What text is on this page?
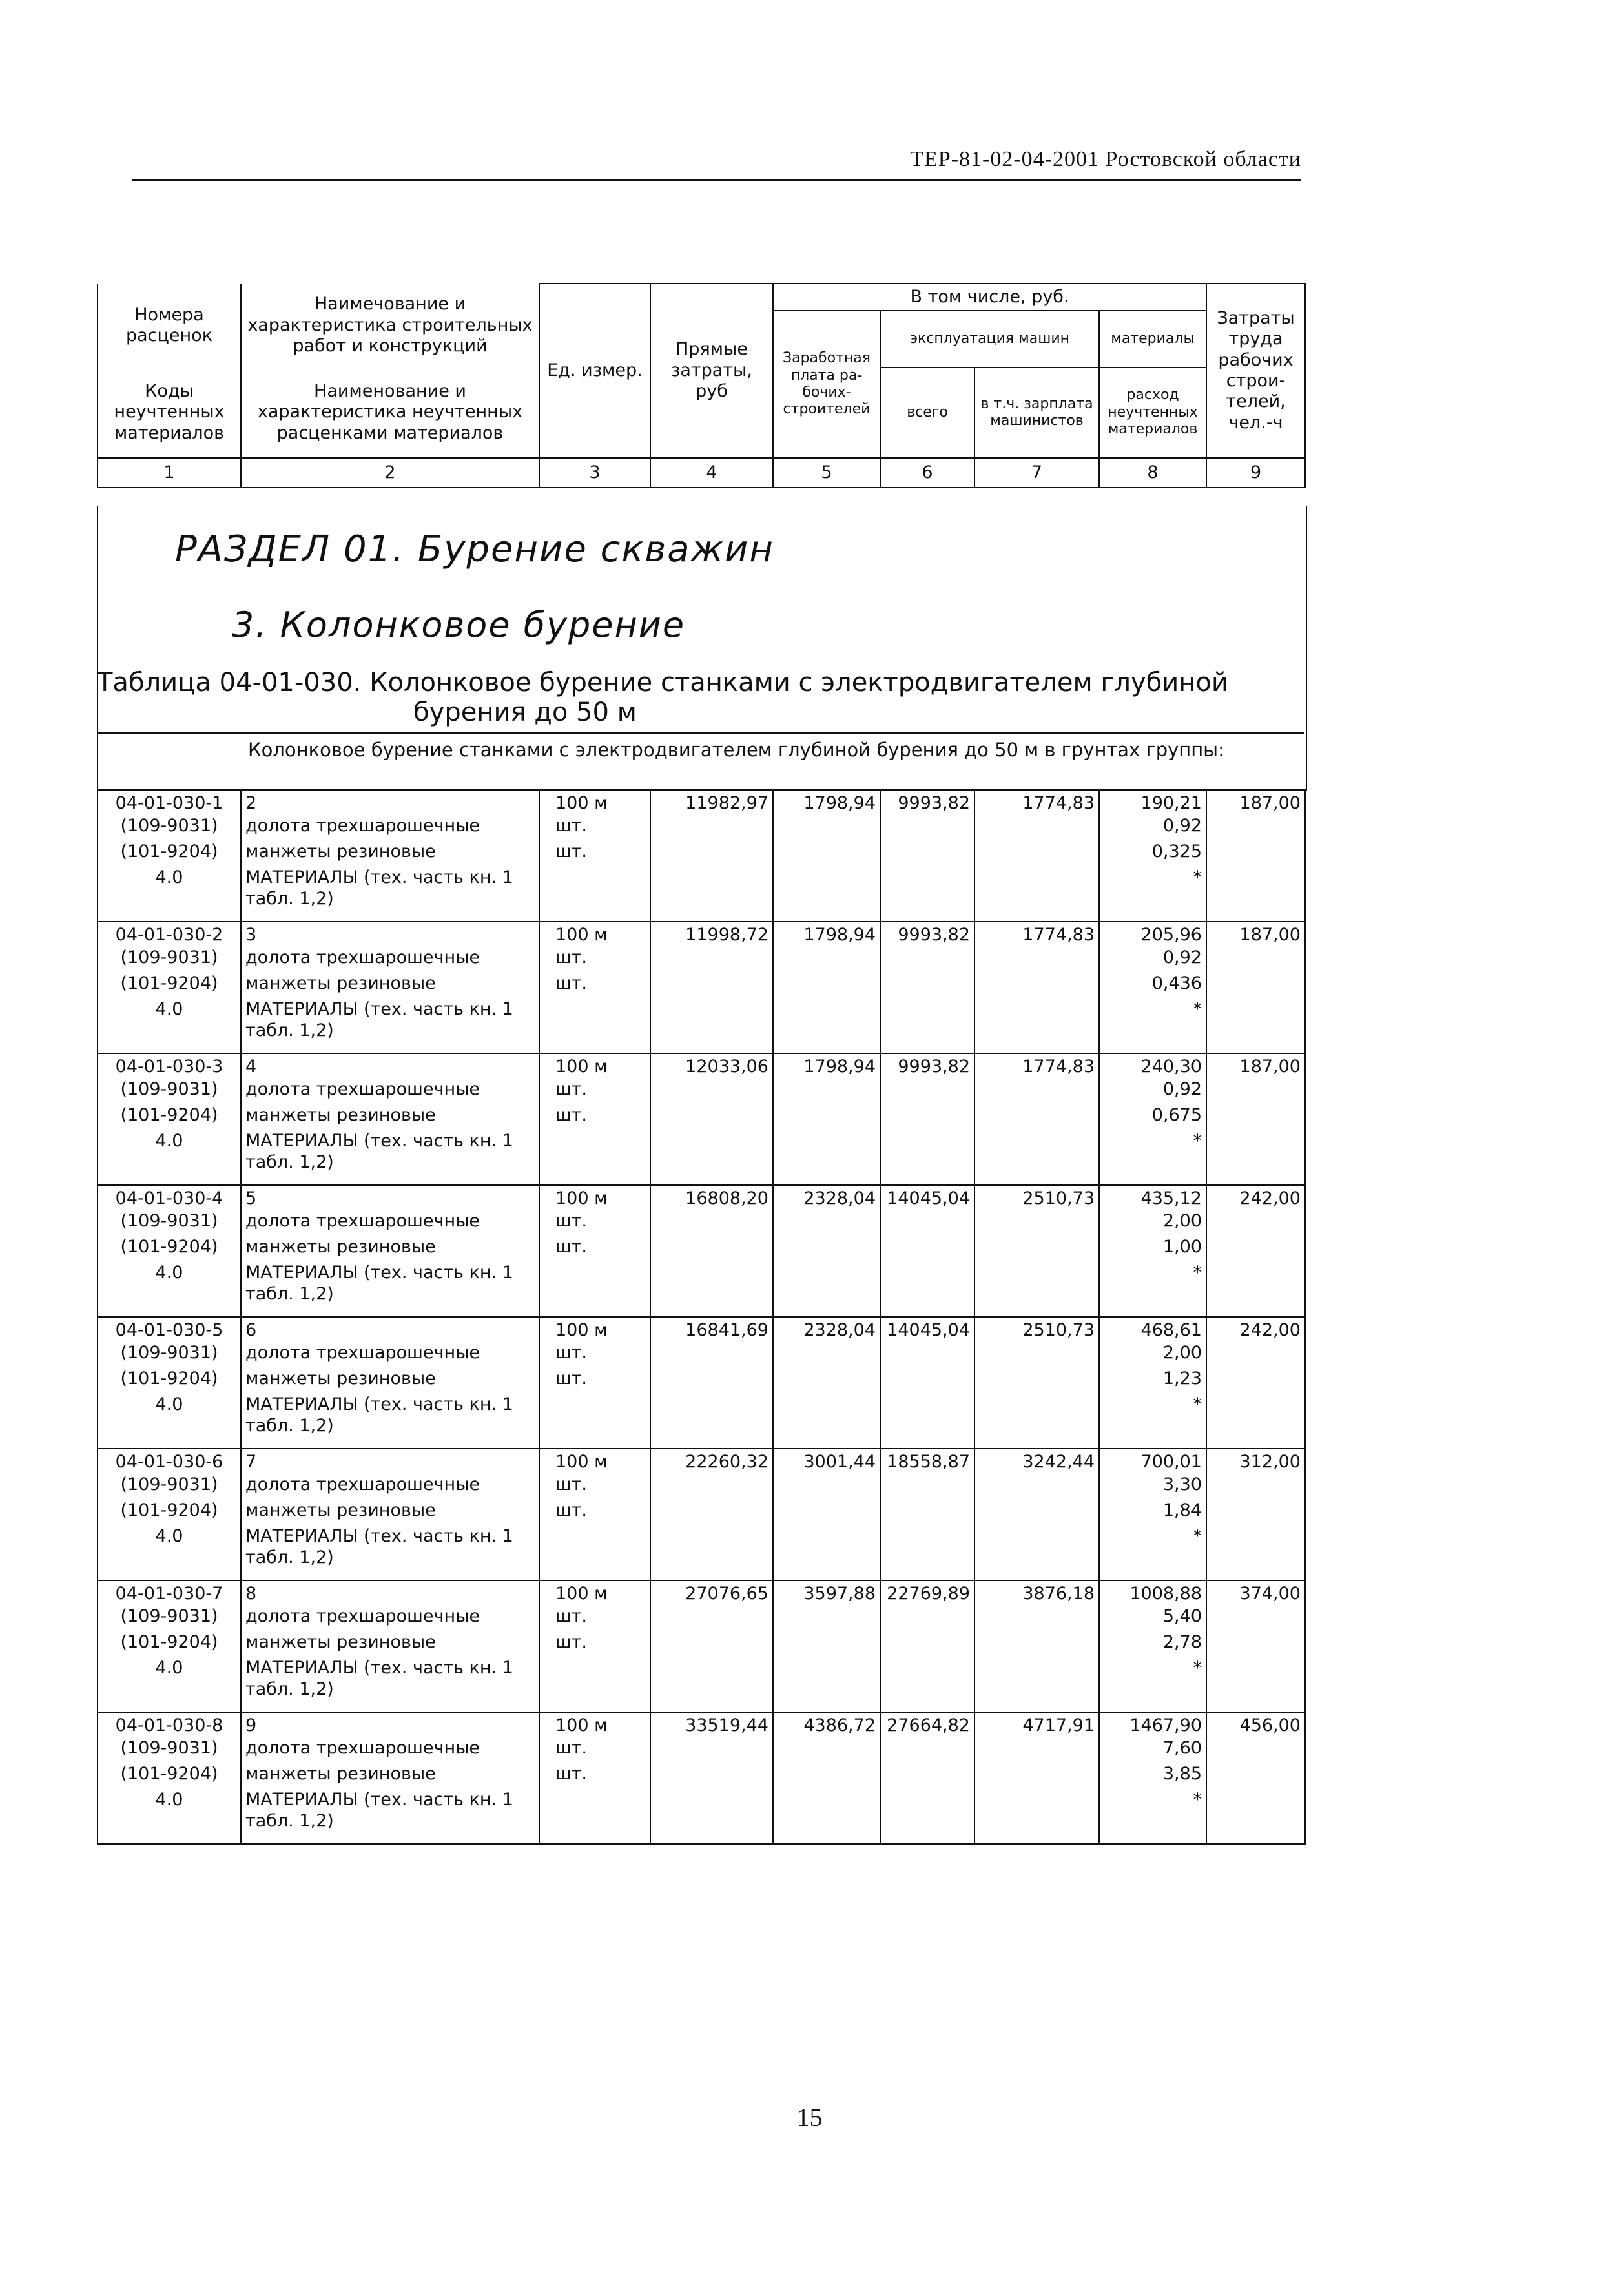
ТЕР-81-02-04-2001 Ростовской области
Номера расценок	Наимечование и характеристика строительных работ и конструкций	Ед. измер.	Прямые затраты, руб	В том числе, руб.				Затраты труда рабочих строи-телей, чел.-ч
				Заработная плата ра-бочих-строителей	эксплуатация машин		материалы	

Коды неучтенных материалов	Наименование и характеристика неучтенных расценками материалов				всего	в т.ч. зарплата машинистов	расход неучтенных материалов	

1	2	3	4	5	6	7	8	9
РАЗДЕЛ 01. Бурение скважин
3. Колонковое бурение
Таблица 04-01-030. Колонковое бурение станками с электродвигателем глубиной
бурения до 50 м
Колонковое бурение станками с электродвигателем глубиной бурения до 50 м в грунтах группы:
04-01-030-1	2	100 м	11982,97	1798,94	9993,82	1774,83	190,21	187,00
(109-9031)	долота трехшарошечные	шт.					0,92	
(101-9204)	манжеты резиновые	шт.					0,325	
4.0	МАТЕРИАЛЫ (тех. часть кн. 1 табл. 1,2)						*	
04-01-030-2	3	100 м	11998,72	1798,94	9993,82	1774,83	205,96	187,00
(109-9031)	долота трехшарошечные	шт.					0,92	
(101-9204)	манжеты резиновые	шт.					0,436	
4.0	МАТЕРИАЛЫ (тех. часть кн. 1 табл. 1,2)						*	
04-01-030-3	4	100 м	12033,06	1798,94	9993,82	1774,83	240,30	187,00
(109-9031)	долота трехшарошечные	шт.					0,92	
(101-9204)	манжеты резиновые	шт.					0,675	
4.0	МАТЕРИАЛЫ (тех. часть кн. 1 табл. 1,2)						*	
04-01-030-4	5	100 м	16808,20	2328,04	14045,04	2510,73	435,12	242,00
(109-9031)	долота трехшарошечные	шт.					2,00	
(101-9204)	манжеты резиновые	шт.					1,00	
4.0	МАТЕРИАЛЫ (тех. часть кн. 1 табл. 1,2)						*	
04-01-030-5	6	100 м	16841,69	2328,04	14045,04	2510,73	468,61	242,00
(109-9031)	долота трехшарошечные	шт.					2,00	
(101-9204)	манжеты резиновые	шт.					1,23	
4.0	МАТЕРИАЛЫ (тех. часть кн. 1 табл. 1,2)						*	
04-01-030-6	7	100 м	22260,32	3001,44	18558,87	3242,44	700,01	312,00
(109-9031)	долота трехшарошечные	шт.					3,30	
(101-9204)	манжеты резиновые	шт.					1,84	
4.0	МАТЕРИАЛЫ (тех. часть кн. 1 табл. 1,2)						*	
04-01-030-7	8	100 м	27076,65	3597,88	22769,89	3876,18	1008,88	374,00
(109-9031)	долота трехшарошечные	шт.					5,40	
(101-9204)	манжеты резиновые	шт.					2,78	
4.0	МАТЕРИАЛЫ (тех. часть кн. 1 табл. 1,2)						*	
04-01-030-8	9	100 м	33519,44	4386,72	27664,82	4717,91	1467,90	456,00
(109-9031)	долота трехшарошечные	шт.					7,60	
(101-9204)	манжеты резиновые	шт.					3,85	
4.0	МАТЕРИАЛЫ (тех. часть кн. 1 табл. 1,2)						*	
15
